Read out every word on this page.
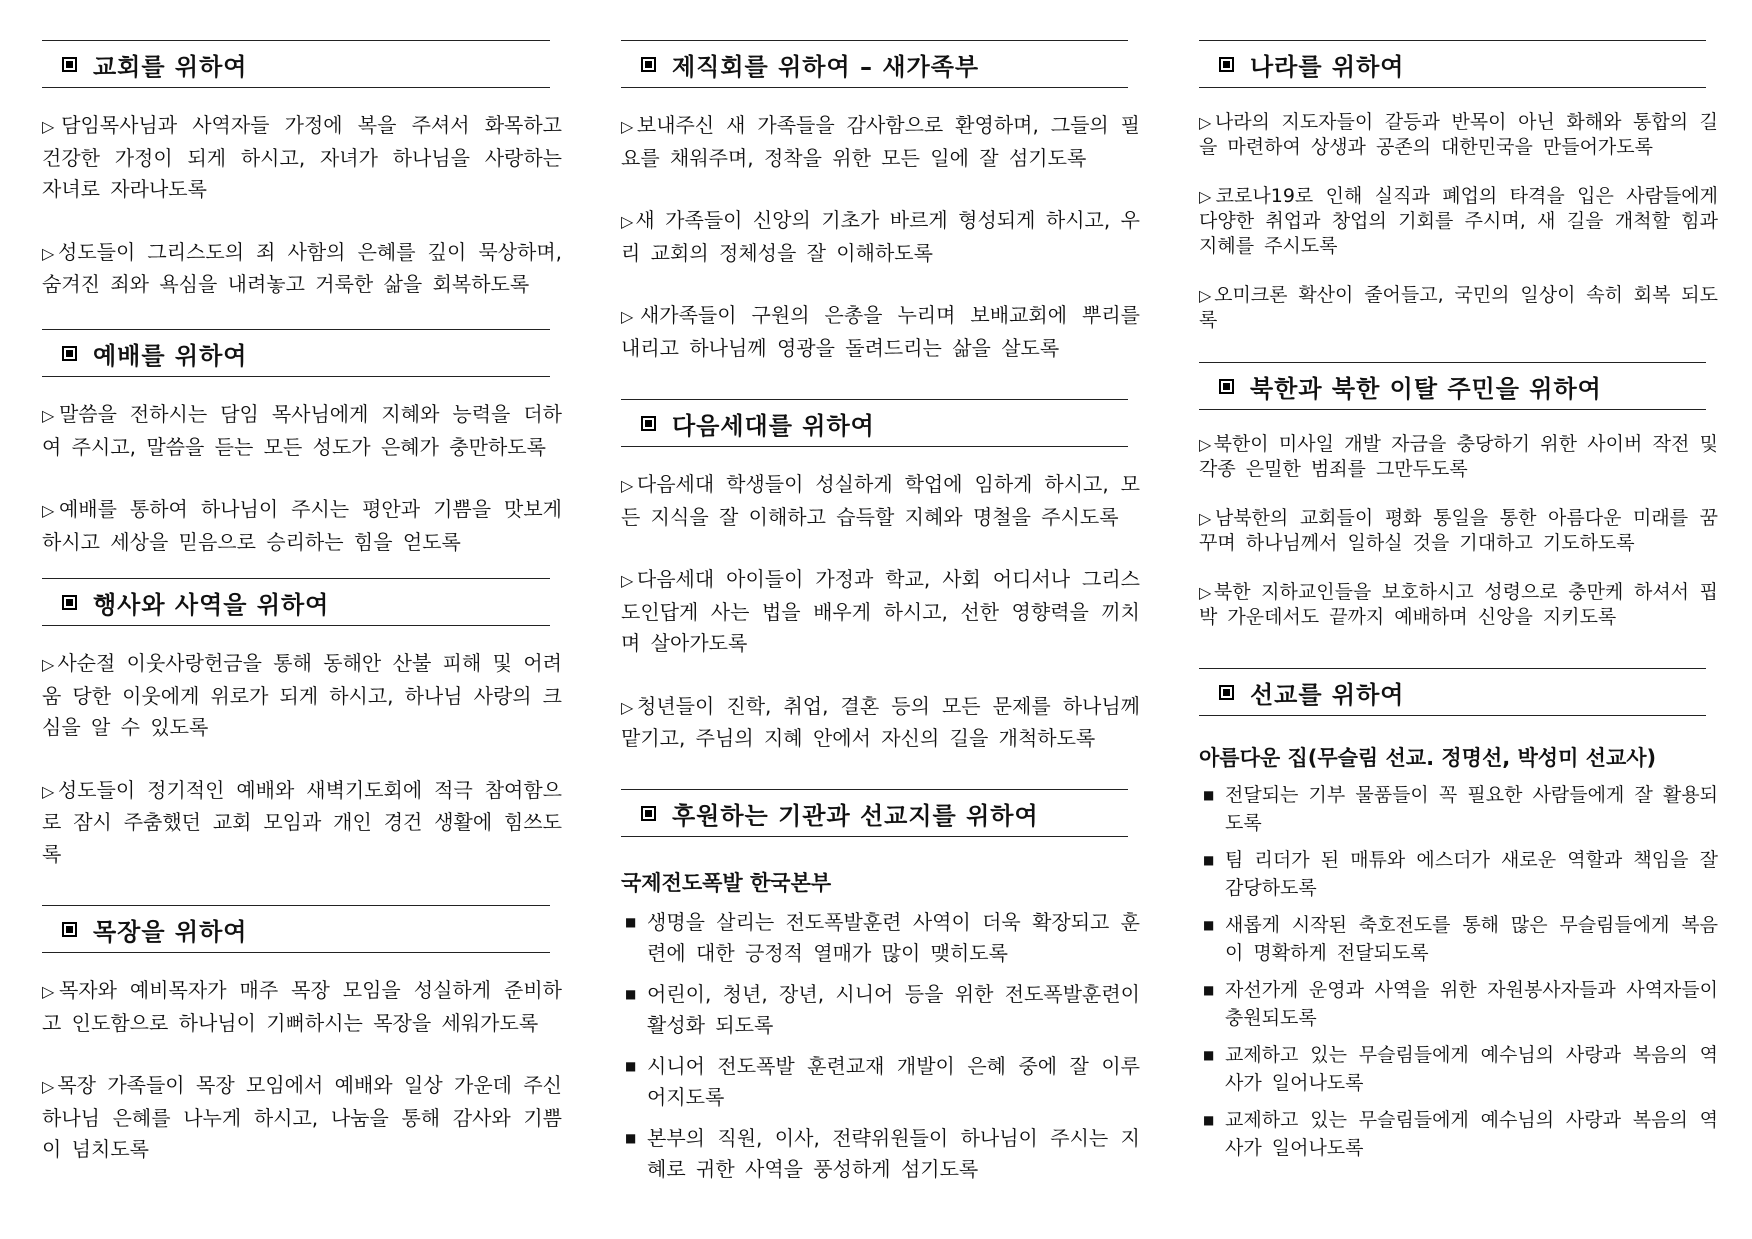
교회를 위하여

▷ 담임목사님과 사역자들 가정에 복을 주셔서 화목하고 건강한 가정이 되게 하시고, 자녀가 하나님을 사랑하는 자녀로 자라나도록

▷ 성도들이 그리스도의 죄 사함의 은혜를 깊이 묵상하며, 숨겨진 죄와 욕심을 내려놓고 거룩한 삶을 회복하도록

예배를 위하여

▷ 말씀을 전하시는 담임 목사님에게 지혜와 능력을 더하여 주시고, 말씀을 듣는 모든 성도가 은혜가 충만하도록

▷ 예배를 통하여 하나님이 주시는 평안과 기쁨을 맛보게 하시고 세상을 믿음으로 승리하는 힘을 얻도록

행사와 사역을 위하여

▷ 사순절 이웃사랑헌금을 통해 동해안 산불 피해 및 어려움 당한 이웃에게 위로가 되게 하시고, 하나님 사랑의 크심을 알 수 있도록

▷ 성도들이 정기적인 예배와 새벽기도회에 적극 참여함으로 잠시 주춤했던 교회 모임과 개인 경건 생활에 힘쓰도록

목장을 위하여

▷ 목자와 예비목자가 매주 목장 모임을 성실하게 준비하고 인도함으로 하나님이 기뻐하시는 목장을 세워가도록

▷ 목장 가족들이 목장 모임에서 예배와 일상 가운데 주신 하나님 은혜를 나누게 하시고, 나눔을 통해 감사와 기쁨이 넘치도록

제직회를 위하여 – 새가족부

▷ 보내주신 새 가족들을 감사함으로 환영하며, 그들의 필요를 채워주며, 정착을 위한 모든 일에 잘 섬기도록

▷ 새 가족들이 신앙의 기초가 바르게 형성되게 하시고, 우리 교회의 정체성을 잘 이해하도록

▷ 새가족들이 구원의 은총을 누리며 보배교회에 뿌리를 내리고 하나님께 영광을 돌려드리는 삶을 살도록

다음세대를 위하여

▷ 다음세대 학생들이 성실하게 학업에 임하게 하시고, 모든 지식을 잘 이해하고 습득할 지혜와 명철을 주시도록

▷ 다음세대 아이들이 가정과 학교, 사회 어디서나 그리스도인답게 사는 법을 배우게 하시고, 선한 영향력을 끼치며 살아가도록

▷ 청년들이 진학, 취업, 결혼 등의 모든 문제를 하나님께 맡기고, 주님의 지혜 안에서 자신의 길을 개척하도록

후원하는 기관과 선교지를 위하여
국제전도폭발 한국본부
■ 생명을 살리는 전도폭발훈련 사역이 더욱 확장되고 훈련에 대한 긍정적 열매가 많이 맺히도록
■ 어린이, 청년, 장년, 시니어 등을 위한 전도폭발훈련이 활성화 되도록
■ 시니어 전도폭발 훈련교재 개발이 은혜 중에 잘 이루어지도록
■ 본부의 직원, 이사, 전략위원들이 하나님이 주시는 지혜로 귀한 사역을 풍성하게 섬기도록
나라를 위하여

▷ 나라의 지도자들이 갈등과 반목이 아닌 화해와 통합의 길을 마련하여 상생과 공존의 대한민국을 만들어가도록

▷ 코로나19로 인해 실직과 폐업의 타격을 입은 사람들에게 다양한 취업과 창업의 기회를 주시며, 새 길을 개척할 힘과 지혜를 주시도록

▷ 오미크론 확산이 줄어들고, 국민의 일상이 속히 회복 되도록

북한과 북한 이탈 주민을 위하여

▷ 북한이 미사일 개발 자금을 충당하기 위한 사이버 작전 및 각종 은밀한 범죄를 그만두도록

▷ 남북한의 교회들이 평화 통일을 통한 아름다운 미래를 꿈꾸며 하나님께서 일하실 것을 기대하고 기도하도록

▷ 북한 지하교인들을 보호하시고 성령으로 충만케 하셔서 핍박 가운데서도 끝까지 예배하며 신앙을 지키도록

선교를 위하여
아름다운 집(무슬림 선교. 정명선, 박성미 선교사)
■ 전달되는 기부 물품들이 꼭 필요한 사람들에게 잘 활용되도록
■ 팀 리더가 된 매튜와 에스더가 새로운 역할과 책임을 잘 감당하도록
■ 새롭게 시작된 축호전도를 통해 많은 무슬림들에게 복음이 명확하게 전달되도록
■ 자선가게 운영과 사역을 위한 자원봉사자들과 사역자들이 충원되도록
■ 교제하고 있는 무슬림들에게 예수님의 사랑과 복음의 역사가 일어나도록
■ 교제하고 있는 무슬림들에게 예수님의 사랑과 복음의 역사가 일어나도록
